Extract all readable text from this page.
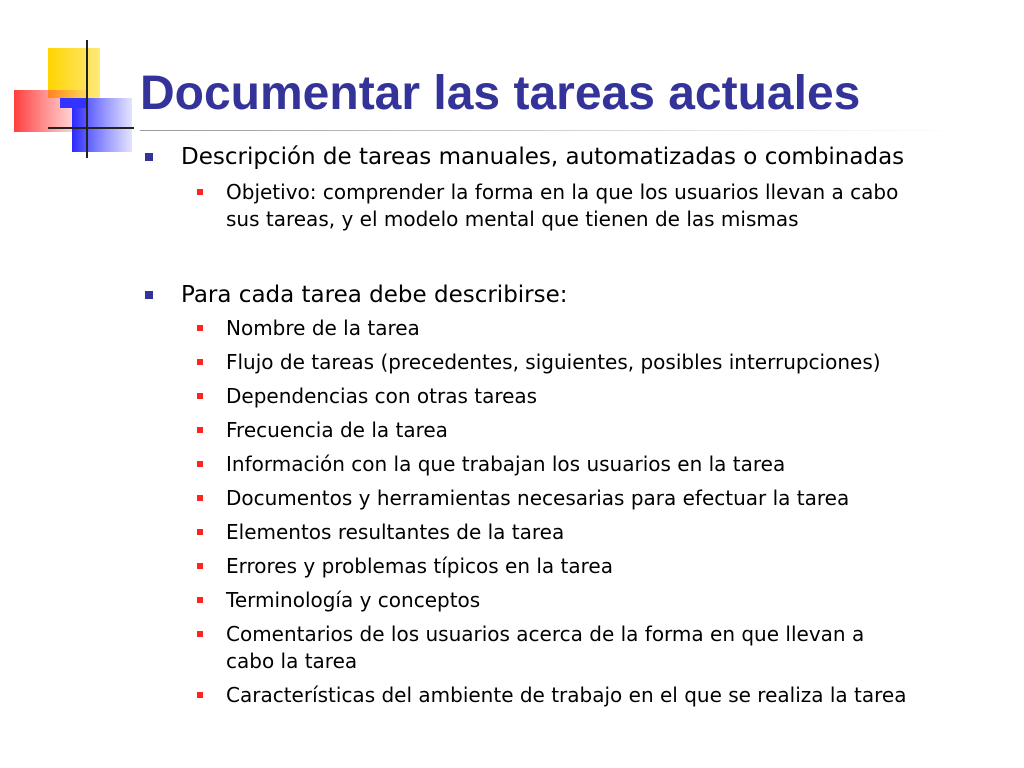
Documentar las tareas actuales
Descripción de tareas manuales, automatizadas o combinadas
Objetivo: comprender la forma en la que los usuarios llevan a cabo
sus tareas, y el modelo mental que tienen de las mismas
Para cada tarea debe describirse:
Nombre de la tarea
Flujo de tareas (precedentes, siguientes, posibles interrupciones)
Dependencias con otras tareas
Frecuencia de la tarea
Información con la que trabajan los usuarios en la tarea
Documentos y herramientas necesarias para efectuar la tarea
Elementos resultantes de la tarea
Errores y problemas típicos en la tarea
Terminología y conceptos
Comentarios de los usuarios acerca de la forma en que llevan a
cabo la tarea
Características del ambiente de trabajo en el que se realiza la tarea
